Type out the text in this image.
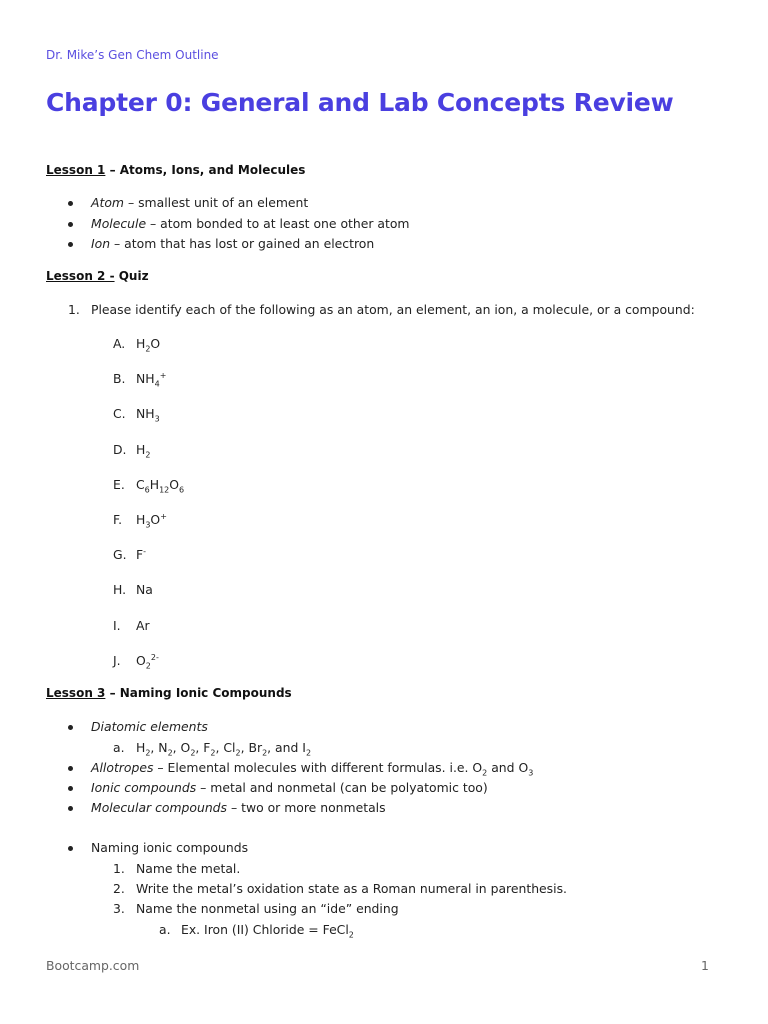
Dr. Mike’s Gen Chem Outline
Chapter 0: General and Lab Concepts Review
Lesson 1 – Atoms, Ions, and Molecules
Atom – smallest unit of an element
Molecule – atom bonded to at least one other atom
Ion – atom that has lost or gained an electron
Lesson 2 - Quiz
1. Please identify each of the following as an atom, an element, an ion, a molecule, or a compound:
A. $H_2O$
B. $NH_4^+$
C. $NH_3$
D. $H_2$
E. $C_6H_{12}O_6$
F. $H_3O^+$
G. F-
H. Na
I. Ar
J. $O_2^{2-}$
Lesson 3 – Naming Ionic Compounds
Diatomic elements
a. $H_2$, $N_2$, $O_2$, $F_2$, $Cl_2$, $Br_2$, and $I_2$
Allotropes – Elemental molecules with different formulas. i.e. $O_2$ and $O_3$
Ionic compounds – metal and nonmetal (can be polyatomic too)
Molecular compounds – two or more nonmetals
Naming ionic compounds
1. Name the metal.
2. Write the metal’s oxidation state as a Roman numeral in parenthesis.
3. Name the nonmetal using an “ide” ending
a. Ex. Iron (II) Chloride = FeCl$_2$
Bootcamp.com	1
